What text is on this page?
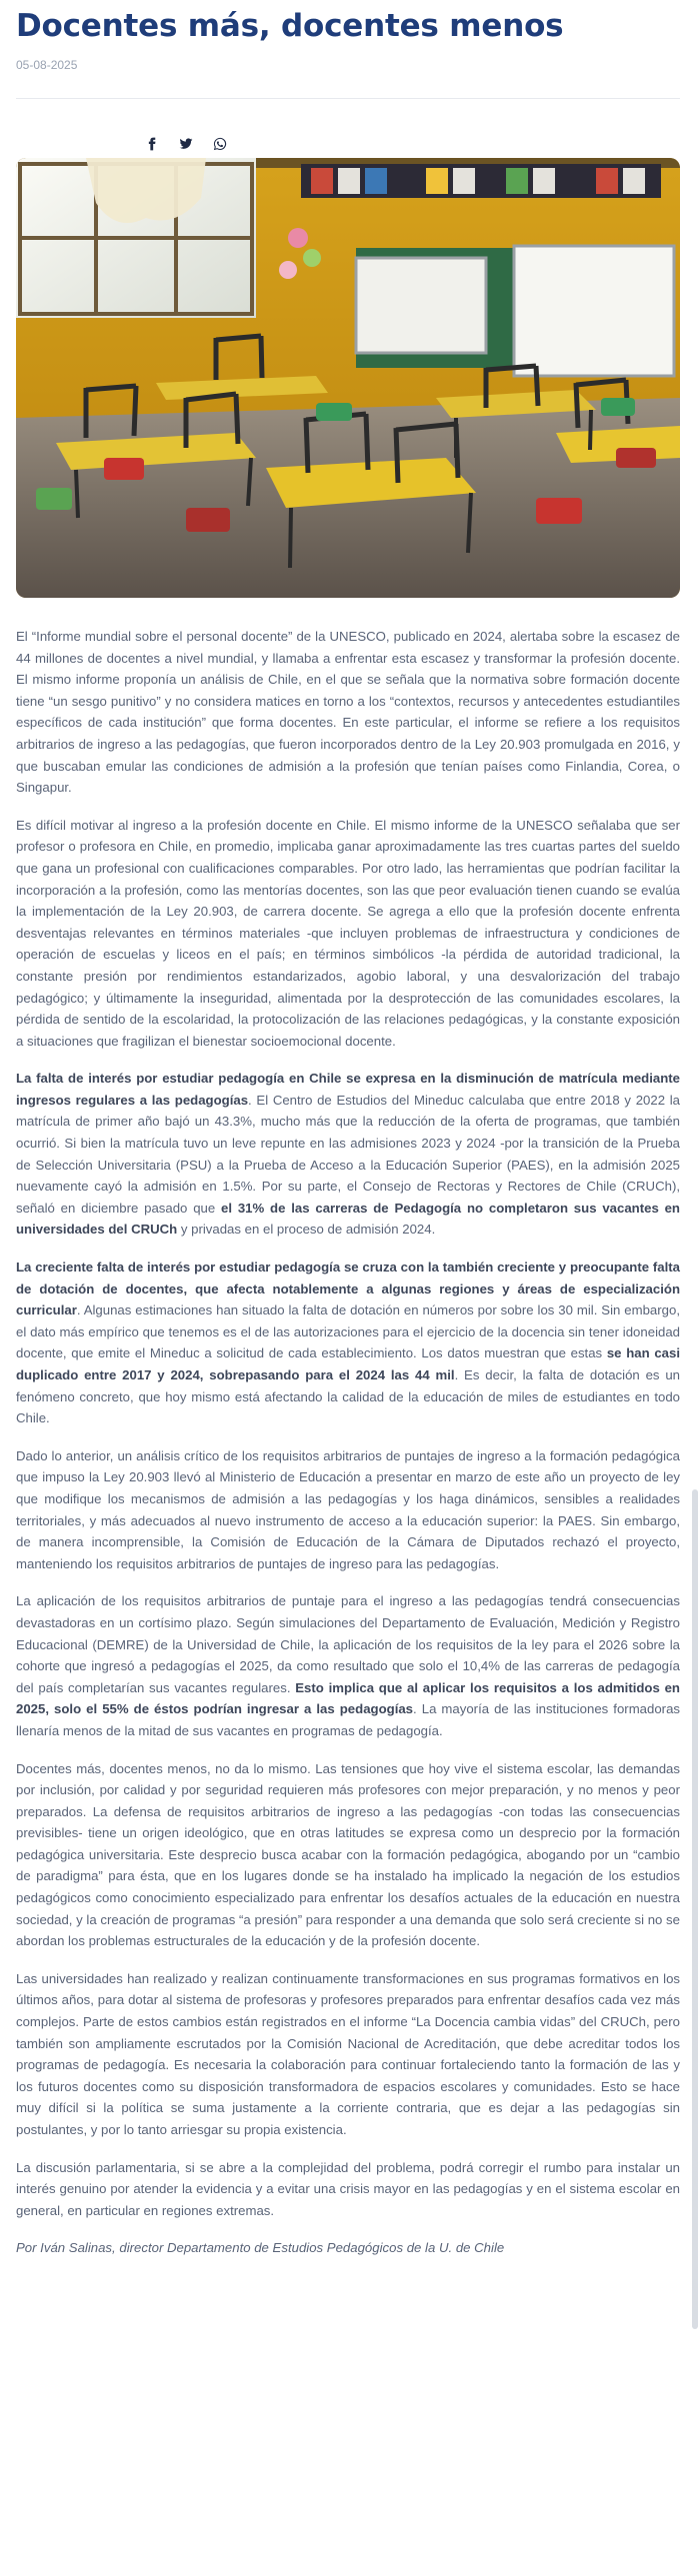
Docentes más, docentes menos
05-08-2025

El “Informe mundial sobre el personal docente” de la UNESCO, publicado en 2024, alertaba sobre la escasez de 44 millones de docentes a nivel mundial, y llamaba a enfrentar esta escasez y transformar la profesión docente. El mismo informe proponía un análisis de Chile, en el que se señala que la normativa sobre formación docente tiene “un sesgo punitivo” y no considera matices en torno a los “contextos, recursos y antecedentes estudiantiles específicos de cada institución” que forma docentes. En este particular, el informe se refiere a los requisitos arbitrarios de ingreso a las pedagogías, que fueron incorporados dentro de la Ley 20.903 promulgada en 2016, y que buscaban emular las condiciones de admisión a la profesión que tenían países como Finlandia, Corea, o Singapur.

Es difícil motivar al ingreso a la profesión docente en Chile. El mismo informe de la UNESCO señalaba que ser profesor o profesora en Chile, en promedio, implicaba ganar aproximadamente las tres cuartas partes del sueldo que gana un profesional con cualificaciones comparables. Por otro lado, las herramientas que podrían facilitar la incorporación a la profesión, como las mentorías docentes, son las que peor evaluación tienen cuando se evalúa la implementación de la Ley 20.903, de carrera docente. Se agrega a ello que la profesión docente enfrenta desventajas relevantes en términos materiales -que incluyen problemas de infraestructura y condiciones de operación de escuelas y liceos en el país; en términos simbólicos -la pérdida de autoridad tradicional, la constante presión por rendimientos estandarizados, agobio laboral, y una desvalorización del trabajo pedagógico; y últimamente la inseguridad, alimentada por la desprotección de las comunidades escolares, la pérdida de sentido de la escolaridad, la protocolización de las relaciones pedagógicas, y la constante exposición a situaciones que fragilizan el bienestar socioemocional docente.

La falta de interés por estudiar pedagogía en Chile se expresa en la disminución de matrícula mediante ingresos regulares a las pedagogías. El Centro de Estudios del Mineduc calculaba que entre 2018 y 2022 la matrícula de primer año bajó un 43.3%, mucho más que la reducción de la oferta de programas, que también ocurrió. Si bien la matrícula tuvo un leve repunte en las admisiones 2023 y 2024 -por la transición de la Prueba de Selección Universitaria (PSU) a la Prueba de Acceso a la Educación Superior (PAES), en la admisión 2025 nuevamente cayó la admisión en 1.5%. Por su parte, el Consejo de Rectoras y Rectores de Chile (CRUCh), señaló en diciembre pasado que el 31% de las carreras de Pedagogía no completaron sus vacantes en universidades del CRUCh y privadas en el proceso de admisión 2024.

La creciente falta de interés por estudiar pedagogía se cruza con la también creciente y preocupante falta de dotación de docentes, que afecta notablemente a algunas regiones y áreas de especialización curricular. Algunas estimaciones han situado la falta de dotación en números por sobre los 30 mil. Sin embargo, el dato más empírico que tenemos es el de las autorizaciones para el ejercicio de la docencia sin tener idoneidad docente, que emite el Mineduc a solicitud de cada establecimiento. Los datos muestran que estas se han casi duplicado entre 2017 y 2024, sobrepasando para el 2024 las 44 mil. Es decir, la falta de dotación es un fenómeno concreto, que hoy mismo está afectando la calidad de la educación de miles de estudiantes en todo Chile.

Dado lo anterior, un análisis crítico de los requisitos arbitrarios de puntajes de ingreso a la formación pedagógica que impuso la Ley 20.903 llevó al Ministerio de Educación a presentar en marzo de este año un proyecto de ley que modifique los mecanismos de admisión a las pedagogías y los haga dinámicos, sensibles a realidades territoriales, y más adecuados al nuevo instrumento de acceso a la educación superior: la PAES. Sin embargo, de manera incomprensible, la Comisión de Educación de la Cámara de Diputados rechazó el proyecto, manteniendo los requisitos arbitrarios de puntajes de ingreso para las pedagogías.

La aplicación de los requisitos arbitrarios de puntaje para el ingreso a las pedagogías tendrá consecuencias devastadoras en un cortísimo plazo. Según simulaciones del Departamento de Evaluación, Medición y Registro Educacional (DEMRE) de la Universidad de Chile, la aplicación de los requisitos de la ley para el 2026 sobre la cohorte que ingresó a pedagogías el 2025, da como resultado que solo el 10,4% de las carreras de pedagogía del país completarían sus vacantes regulares. Esto implica que al aplicar los requisitos a los admitidos en 2025, solo el 55% de éstos podrían ingresar a las pedagogías. La mayoría de las instituciones formadoras llenaría menos de la mitad de sus vacantes en programas de pedagogía.

Docentes más, docentes menos, no da lo mismo. Las tensiones que hoy vive el sistema escolar, las demandas por inclusión, por calidad y por seguridad requieren más profesores con mejor preparación, y no menos y peor preparados. La defensa de requisitos arbitrarios de ingreso a las pedagogías -con todas las consecuencias previsibles- tiene un origen ideológico, que en otras latitudes se expresa como un desprecio por la formación pedagógica universitaria. Este desprecio busca acabar con la formación pedagógica, abogando por un “cambio de paradigma” para ésta, que en los lugares donde se ha instalado ha implicado la negación de los estudios pedagógicos como conocimiento especializado para enfrentar los desafíos actuales de la educación en nuestra sociedad, y la creación de programas “a presión” para responder a una demanda que solo será creciente si no se abordan los problemas estructurales de la educación y de la profesión docente.

Las universidades han realizado y realizan continuamente transformaciones en sus programas formativos en los últimos años, para dotar al sistema de profesoras y profesores preparados para enfrentar desafíos cada vez más complejos. Parte de estos cambios están registrados en el informe “La Docencia cambia vidas” del CRUCh, pero también son ampliamente escrutados por la Comisión Nacional de Acreditación, que debe acreditar todos los programas de pedagogía. Es necesaria la colaboración para continuar fortaleciendo tanto la formación de las y los futuros docentes como su disposición transformadora de espacios escolares y comunidades. Esto se hace muy difícil si la política se suma justamente a la corriente contraria, que es dejar a las pedagogías sin postulantes, y por lo tanto arriesgar su propia existencia.

La discusión parlamentaria, si se abre a la complejidad del problema, podrá corregir el rumbo para instalar un interés genuino por atender la evidencia y a evitar una crisis mayor en las pedagogías y en el sistema escolar en general, en particular en regiones extremas.

Por Iván Salinas, director Departamento de Estudios Pedagógicos de la U. de Chile
